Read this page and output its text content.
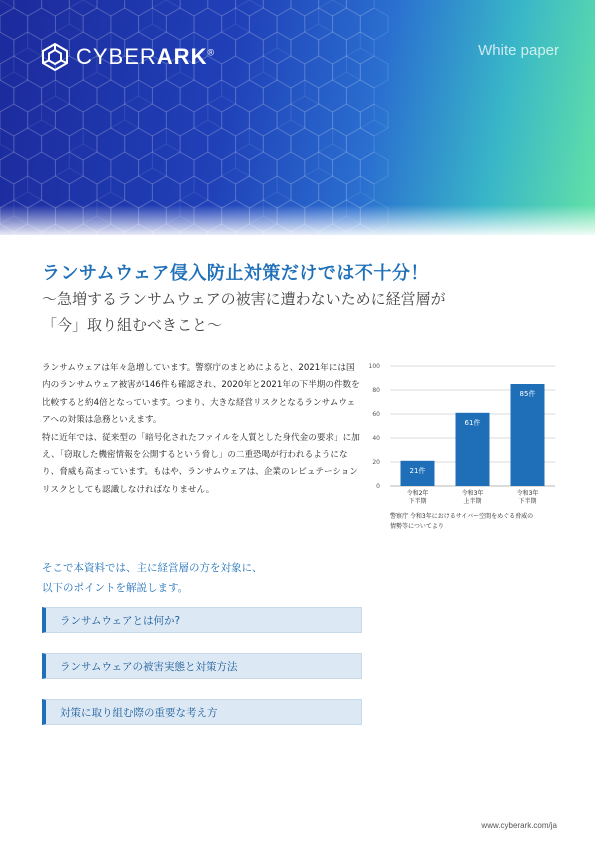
CYBERARK®	White paper
ランサムウェア侵入防止対策だけでは不十分！
〜急増するランサムウェアの被害に遭わないために経営層が
「今」取り組むべきこと〜

ランサムウェアは年々急増しています。警察庁のまとめによると、2021年には国内のランサムウェア被害が146件も確認され、2020年と2021年の下半期の件数を比較すると約4倍となっています。つまり、大きな経営リスクとなるランサムウェアへの対策は急務といえます。

特に近年では、従来型の「暗号化されたファイルを人質とした身代金の要求」に加え、「窃取した機密情報を公開するという脅し」の二重恐喝が行われるようになり、脅威も高まっています。もはや、ランサムウェアは、企業のレピュテーションリスクとしても認識しなければなりません。	0
20
40
60
80
100
21件
令和2年
下半期
61件
令和3年
上半期
85件
令和3年
下半期
警察庁 令和3年におけるサイバー空間をめぐる脅威の
情勢等についてより
そこで本資料では、主に経営層の方を対象に、
以下のポイントを解説します。
ランサムウェアとは何か?
ランサムウェアの被害実態と対策方法
対策に取り組む際の重要な考え方
www.cyberark.com/ja
